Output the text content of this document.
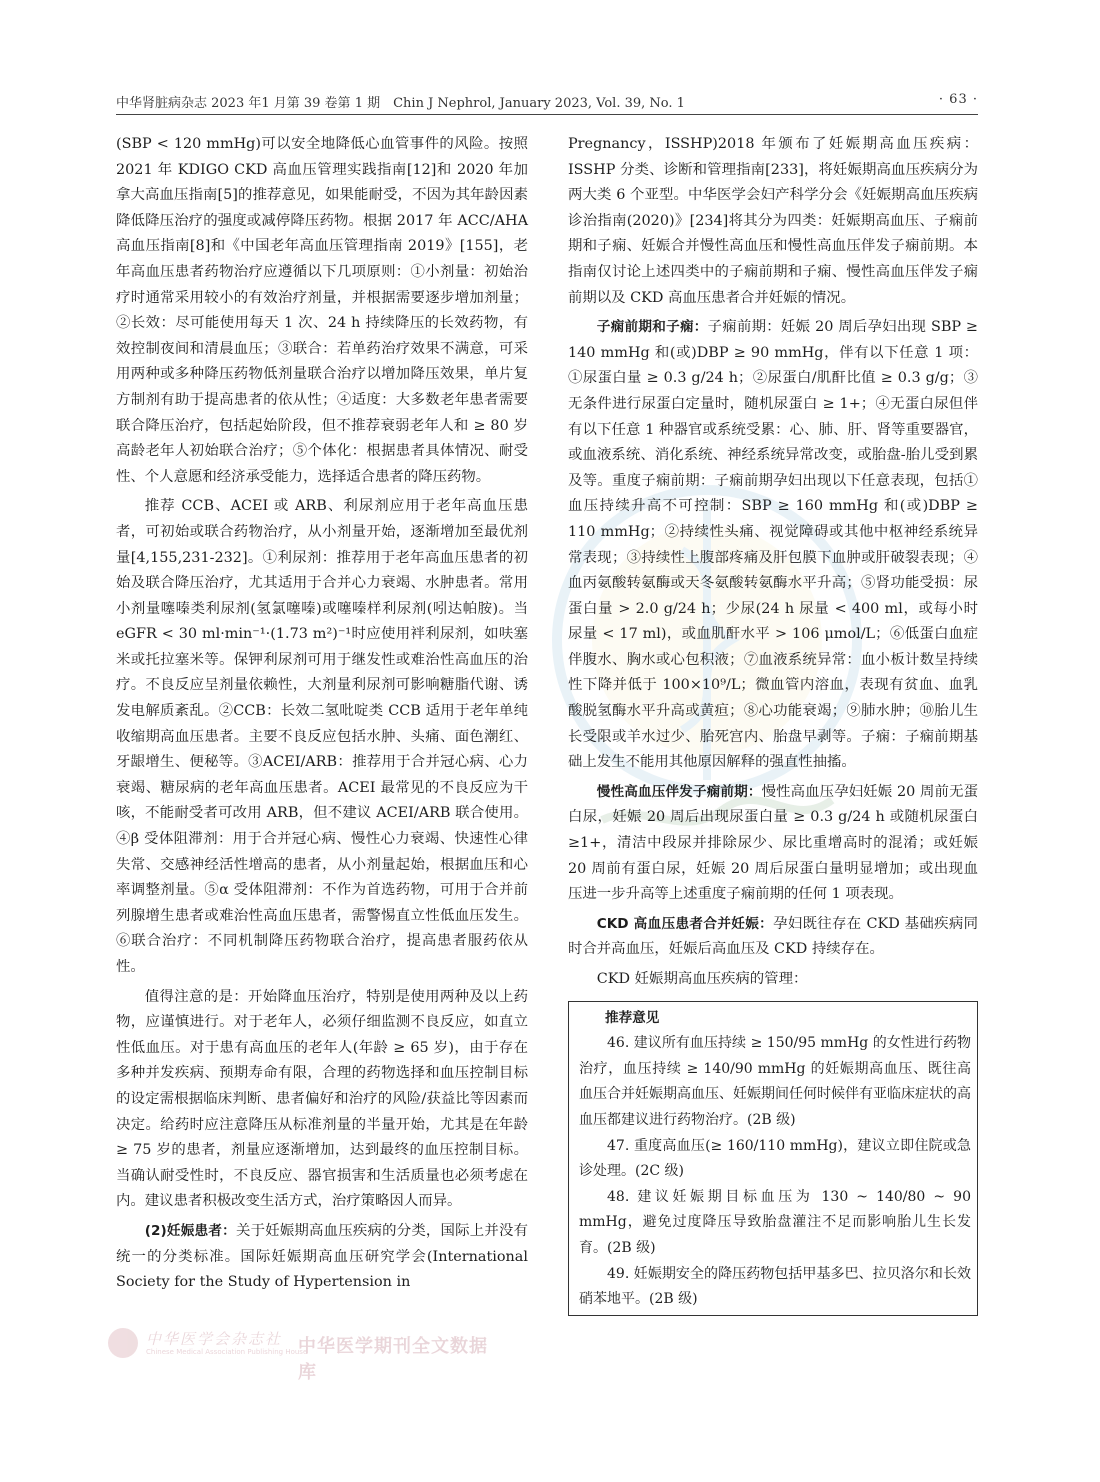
中华肾脏病杂志 2023 年1 月第 39 卷第 1 期　Chin J Nephrol, January 2023, Vol. 39, No. 1	· 63 ·

(SBP < 120 mmHg)可以安全地降低心血管事件的风险。按照 2021 年 KDIGO CKD 高血压管理实践指南[12]和 2020 年加拿大高血压指南[5]的推荐意见，如果能耐受，不因为其年龄因素降低降压治疗的强度或减停降压药物。根据 2017 年 ACC/AHA 高血压指南[8]和《中国老年高血压管理指南 2019》[155]，老年高血压患者药物治疗应遵循以下几项原则：①小剂量：初始治疗时通常采用较小的有效治疗剂量，并根据需要逐步增加剂量；②长效：尽可能使用每天 1 次、24 h 持续降压的长效药物，有效控制夜间和清晨血压；③联合：若单药治疗效果不满意，可采用两种或多种降压药物低剂量联合治疗以增加降压效果，单片复方制剂有助于提高患者的依从性；④适度：大多数老年患者需要联合降压治疗，包括起始阶段，但不推荐衰弱老年人和 ≥ 80 岁高龄老年人初始联合治疗；⑤个体化：根据患者具体情况、耐受性、个人意愿和经济承受能力，选择适合患者的降压药物。

推荐 CCB、ACEI 或 ARB、利尿剂应用于老年高血压患者，可初始或联合药物治疗，从小剂量开始，逐渐增加至最优剂量[4,155,231-232]。①利尿剂：推荐用于老年高血压患者的初始及联合降压治疗，尤其适用于合并心力衰竭、水肿患者。常用小剂量噻嗪类利尿剂(氢氯噻嗪)或噻嗪样利尿剂(吲达帕胺)。当 eGFR < 30 ml·min⁻¹·(1.73 m²)⁻¹时应使用袢利尿剂，如呋塞米或托拉塞米等。保钾利尿剂可用于继发性或难治性高血压的治疗。不良反应呈剂量依赖性，大剂量利尿剂可影响糖脂代谢、诱发电解质紊乱。②CCB：长效二氢吡啶类 CCB 适用于老年单纯收缩期高血压患者。主要不良反应包括水肿、头痛、面色潮红、牙龈增生、便秘等。③ACEI/ARB：推荐用于合并冠心病、心力衰竭、糖尿病的老年高血压患者。ACEI 最常见的不良反应为干咳，不能耐受者可改用 ARB，但不建议 ACEI/ARB 联合使用。④β 受体阻滞剂：用于合并冠心病、慢性心力衰竭、快速性心律失常、交感神经活性增高的患者，从小剂量起始，根据血压和心率调整剂量。⑤α 受体阻滞剂：不作为首选药物，可用于合并前列腺增生患者或难治性高血压患者，需警惕直立性低血压发生。⑥联合治疗：不同机制降压药物联合治疗，提高患者服药依从性。

值得注意的是：开始降血压治疗，特别是使用两种及以上药物，应谨慎进行。对于老年人，必须仔细监测不良反应，如直立性低血压。对于患有高血压的老年人(年龄 ≥ 65 岁)，由于存在多种并发疾病、预期寿命有限，合理的药物选择和血压控制目标的设定需根据临床判断、患者偏好和治疗的风险/获益比等因素而决定。给药时应注意降压从标准剂量的半量开始，尤其是在年龄 ≥ 75 岁的患者，剂量应逐渐增加，达到最终的血压控制目标。当确认耐受性时，不良反应、器官损害和生活质量也必须考虑在内。建议患者积极改变生活方式，治疗策略因人而异。

(2)妊娠患者：关于妊娠期高血压疾病的分类，国际上并没有统一的分类标准。国际妊娠期高血压研究学会(International Society for the Study of Hypertension in

Pregnancy，ISSHP)2018 年颁布了妊娠期高血压疾病：ISSHP 分类、诊断和管理指南[233]，将妊娠期高血压疾病分为两大类 6 个亚型。中华医学会妇产科学分会《妊娠期高血压疾病诊治指南(2020)》[234]将其分为四类：妊娠期高血压、子痫前期和子痫、妊娠合并慢性高血压和慢性高血压伴发子痫前期。本指南仅讨论上述四类中的子痫前期和子痫、慢性高血压伴发子痫前期以及 CKD 高血压患者合并妊娠的情况。

子痫前期和子痫：子痫前期：妊娠 20 周后孕妇出现 SBP ≥ 140 mmHg 和(或)DBP ≥ 90 mmHg，伴有以下任意 1 项：①尿蛋白量 ≥ 0.3 g/24 h；②尿蛋白/肌酐比值 ≥ 0.3 g/g；③无条件进行尿蛋白定量时，随机尿蛋白 ≥ 1+；④无蛋白尿但伴有以下任意 1 种器官或系统受累：心、肺、肝、肾等重要器官，或血液系统、消化系统、神经系统异常改变，或胎盘-胎儿受到累及等。重度子痫前期：子痫前期孕妇出现以下任意表现，包括①血压持续升高不可控制：SBP ≥ 160 mmHg 和(或)DBP ≥ 110 mmHg；②持续性头痛、视觉障碍或其他中枢神经系统异常表现；③持续性上腹部疼痛及肝包膜下血肿或肝破裂表现；④血丙氨酸转氨酶或天冬氨酸转氨酶水平升高；⑤肾功能受损：尿蛋白量 > 2.0 g/24 h；少尿(24 h 尿量 < 400 ml，或每小时尿量 < 17 ml)，或血肌酐水平 > 106 μmol/L；⑥低蛋白血症伴腹水、胸水或心包积液；⑦血液系统异常：血小板计数呈持续性下降并低于 100×10⁹/L；微血管内溶血，表现有贫血、血乳酸脱氢酶水平升高或黄疸；⑧心功能衰竭；⑨肺水肿；⑩胎儿生长受限或羊水过少、胎死宫内、胎盘早剥等。子痫：子痫前期基础上发生不能用其他原因解释的强直性抽搐。

慢性高血压伴发子痫前期：慢性高血压孕妇妊娠 20 周前无蛋白尿，妊娠 20 周后出现尿蛋白量 ≥ 0.3 g/24 h 或随机尿蛋白 ≥1+，清洁中段尿并排除尿少、尿比重增高时的混淆；或妊娠 20 周前有蛋白尿，妊娠 20 周后尿蛋白量明显增加；或出现血压进一步升高等上述重度子痫前期的任何 1 项表现。

CKD 高血压患者合并妊娠：孕妇既往存在 CKD 基础疾病同时合并高血压，妊娠后高血压及 CKD 持续存在。

CKD 妊娠期高血压疾病的管理：

推荐意见

46. 建议所有血压持续 ≥ 150/95 mmHg 的女性进行药物治疗，血压持续 ≥ 140/90 mmHg 的妊娠期高血压、既往高血压合并妊娠期高血压、妊娠期间任何时候伴有亚临床症状的高血压都建议进行药物治疗。(2B 级)

47. 重度高血压(≥ 160/110 mmHg)，建议立即住院或急诊处理。(2C 级)

48. 建议妊娠期目标血压为 130 ~ 140/80 ~ 90 mmHg，避免过度降压导致胎盘灌注不足而影响胎儿生长发育。(2B 级)

49. 妊娠期安全的降压药物包括甲基多巴、拉贝洛尔和长效硝苯地平。(2B 级)

中华医学会杂志社
Chinese Medical Association Publishing House
中华医学期刊全文数据库
